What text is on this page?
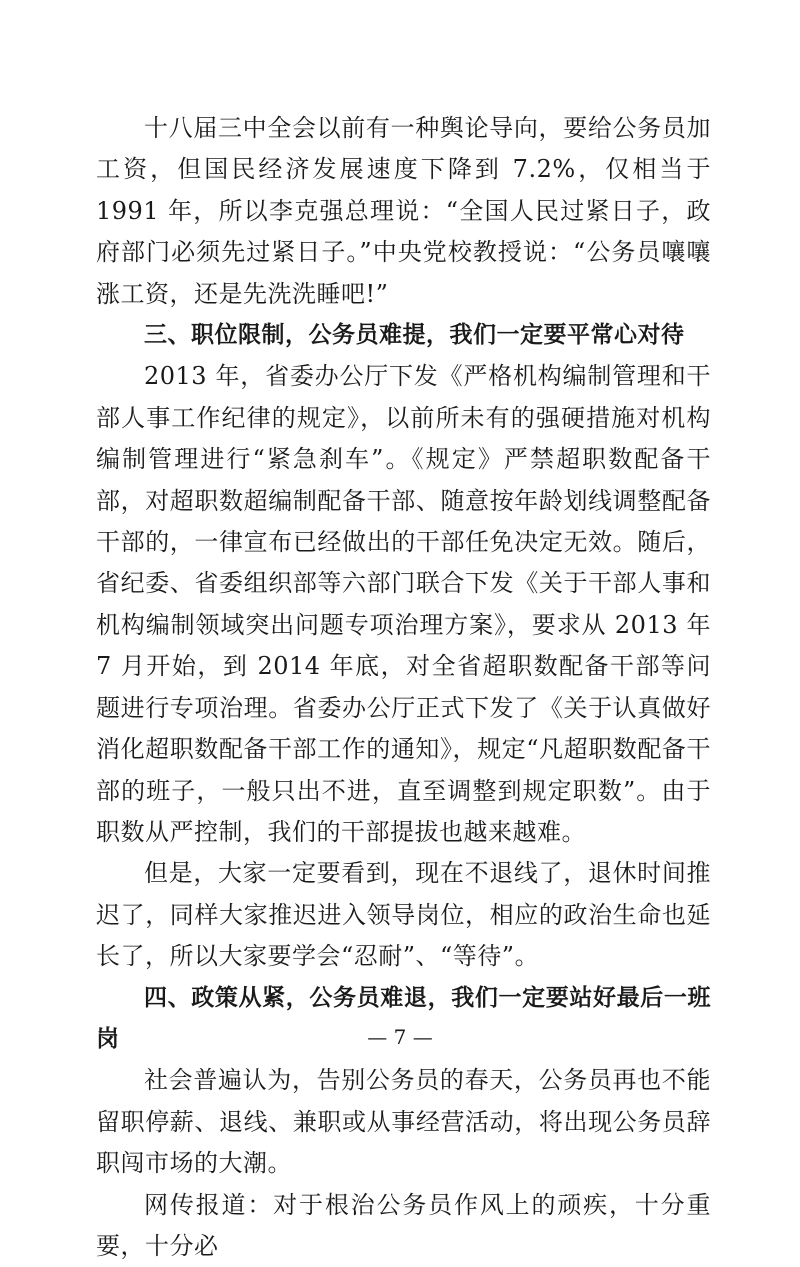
十八届三中全会以前有一种舆论导向，要给公务员加工资，但国民经济发展速度下降到 7.2%，仅相当于 1991 年，所以李克强总理说：“全国人民过紧日子，政府部门必须先过紧日子。”中央党校教授说：“公务员嚷嚷涨工资，还是先洗洗睡吧!”

三、职位限制，公务员难提，我们一定要平常心对待

2013 年，省委办公厅下发《严格机构编制管理和干部人事工作纪律的规定》，以前所未有的强硬措施对机构编制管理进行“紧急刹车”。《规定》严禁超职数配备干部，对超职数超编制配备干部、随意按年龄划线调整配备干部的，一律宣布已经做出的干部任免决定无效。随后，省纪委、省委组织部等六部门联合下发《关于干部人事和机构编制领域突出问题专项治理方案》，要求从 2013 年 7 月开始，到 2014 年底，对全省超职数配备干部等问题进行专项治理。省委办公厅正式下发了《关于认真做好消化超职数配备干部工作的通知》，规定“凡超职数配备干部的班子，一般只出不进，直至调整到规定职数”。由于职数从严控制，我们的干部提拔也越来越难。

但是，大家一定要看到，现在不退线了，退休时间推迟了，同样大家推迟进入领导岗位，相应的政治生命也延长了，所以大家要学会“忍耐”、“等待”。

四、政策从紧，公务员难退，我们一定要站好最后一班岗

社会普遍认为，告别公务员的春天，公务员再也不能留职停薪、退线、兼职或从事经营活动，将出现公务员辞职闯市场的大潮。

网传报道：对于根治公务员作风上的顽疾，十分重要，十分必

— 7 —
